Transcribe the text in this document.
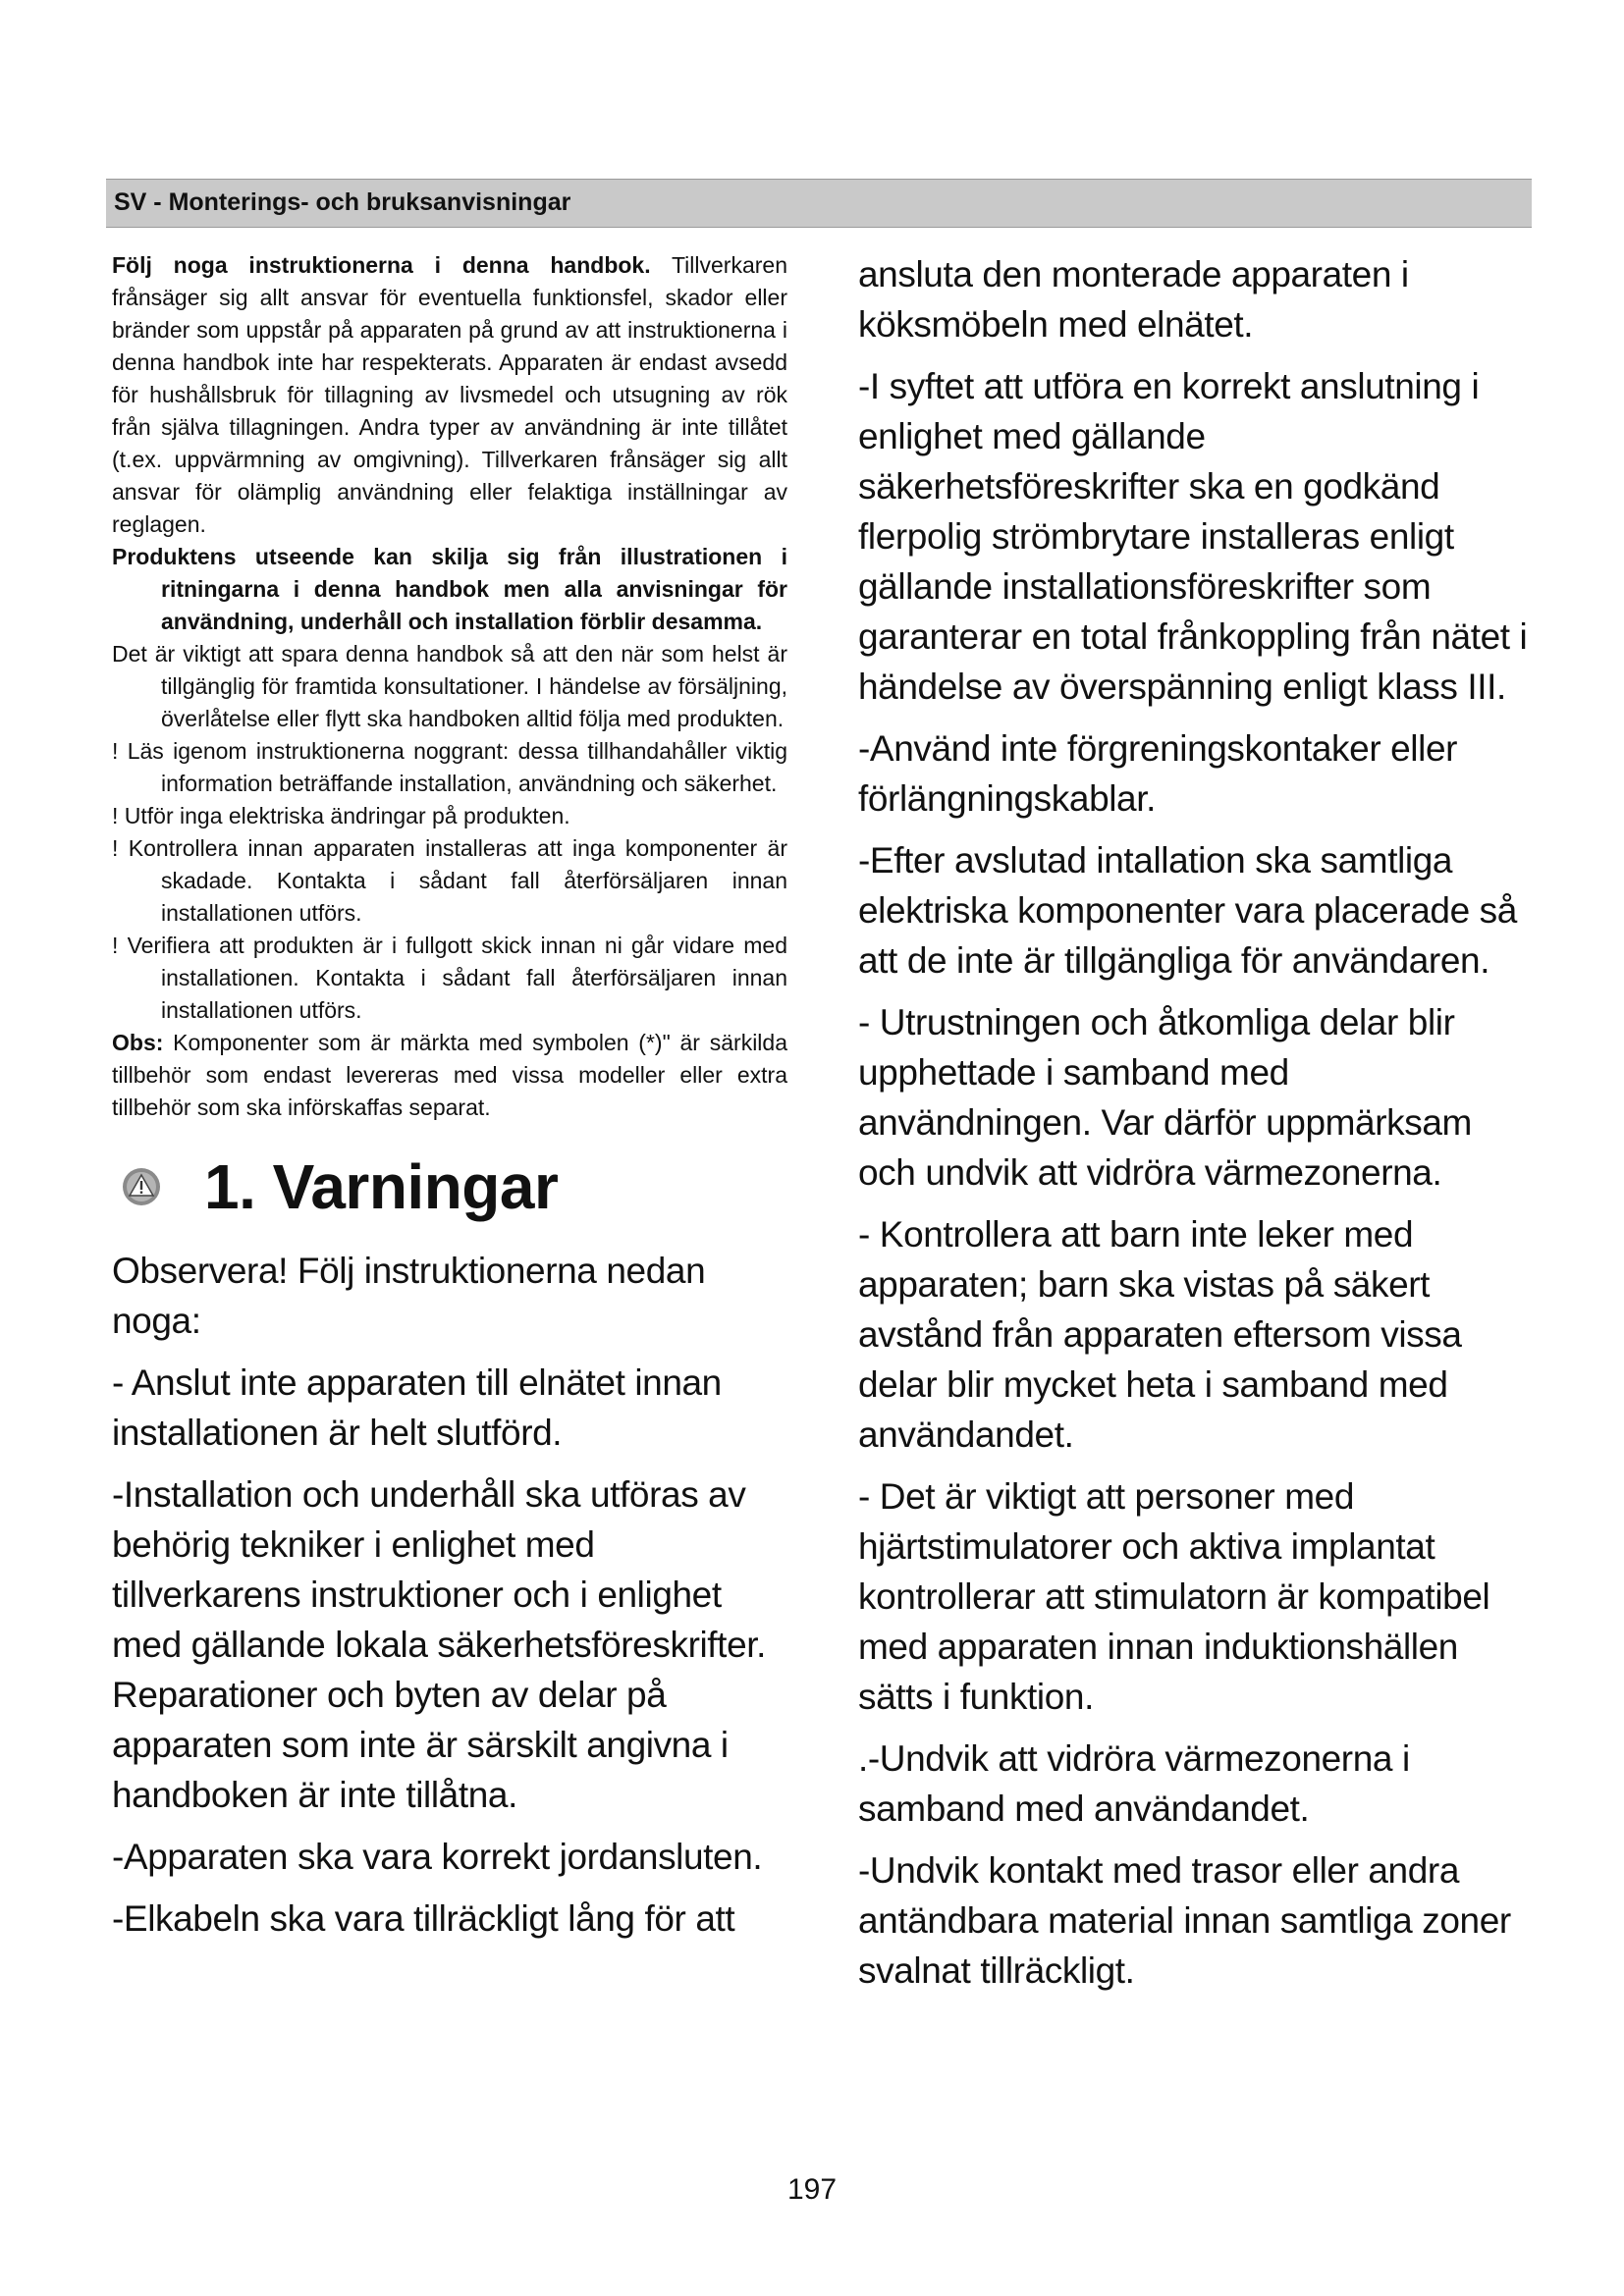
SV - Monterings- och bruksanvisningar

Följ noga instruktionerna i denna handbok. Tillverkaren frånsäger sig allt ansvar för eventuella funktionsfel, skador eller bränder som uppstår på apparaten på grund av att instruktionerna i denna handbok inte har respekterats. Apparaten är endast avsedd för hushållsbruk för tillagning av livsmedel och utsugning av rök från själva tillagningen. Andra typer av användning är inte tillåtet (t.ex. uppvärmning av omgivning). Tillverkaren frånsäger sig allt ansvar för olämplig användning eller felaktiga inställningar av reglagen.

Produktens utseende kan skilja sig från illustrationen i ritningarna i denna handbok men alla anvisningar för användning, underhåll och installation förblir desamma.

Det är viktigt att spara denna handbok så att den när som helst är tillgänglig för framtida konsultationer. I händelse av försäljning, överlåtelse eller flytt ska handboken alltid följa med produkten.

! Läs igenom instruktionerna noggrant: dessa tillhandahåller viktig information beträffande installation, användning och säkerhet.

! Utför inga elektriska ändringar på produkten.

! Kontrollera innan apparaten installeras att inga komponenter är skadade. Kontakta i sådant fall återförsäljaren innan installationen utförs.

! Verifiera att produkten är i fullgott skick innan ni går vidare med installationen. Kontakta i sådant fall återförsäljaren innan installationen utförs.

Obs: Komponenter som är märkta med symbolen (*)" är särkilda tillbehör som endast levereras med vissa modeller eller extra tillbehör som ska införskaffas separat.

1. Varningar

Observera! Följ instruktionerna nedan noga:

- Anslut inte apparaten till elnätet innan installationen är helt slutförd.

-Installation och underhåll ska utföras av behörig tekniker i enlighet med tillverkarens instruktioner och i enlighet med gällande lokala säkerhetsföreskrifter. Reparationer och byten av delar på apparaten som inte är särskilt angivna i handboken är inte tillåtna.

-Apparaten ska vara korrekt jordansluten.

-Elkabeln ska vara tillräckligt lång för att

ansluta den monterade apparaten i köksmöbeln med elnätet.

-I syftet att utföra en korrekt anslutning i enlighet med gällande säkerhetsföreskrifter ska en godkänd flerpolig strömbrytare installeras enligt gällande installationsföreskrifter som garanterar en total frånkoppling från nätet i händelse av överspänning enligt klass III.

-Använd inte förgreningskontaker eller förlängningskablar.

-Efter avslutad intallation ska samtliga elektriska komponenter vara placerade så att de inte är tillgängliga för användaren.

- Utrustningen och åtkomliga delar blir upphettade i samband med användningen. Var därför uppmärksam och undvik att vidröra värmezonerna.

- Kontrollera att barn inte leker med apparaten; barn ska vistas på säkert avstånd från apparaten eftersom vissa delar blir mycket heta i samband med användandet.

- Det är viktigt att personer med hjärtstimulatorer och aktiva implantat kontrollerar att stimulatorn är kompatibel med apparaten innan induktionshällen sätts i funktion.

.-Undvik att vidröra värmezonerna i samband med användandet.

-Undvik kontakt med trasor eller andra antändbara material innan samtliga zoner svalnat tillräckligt.

197
